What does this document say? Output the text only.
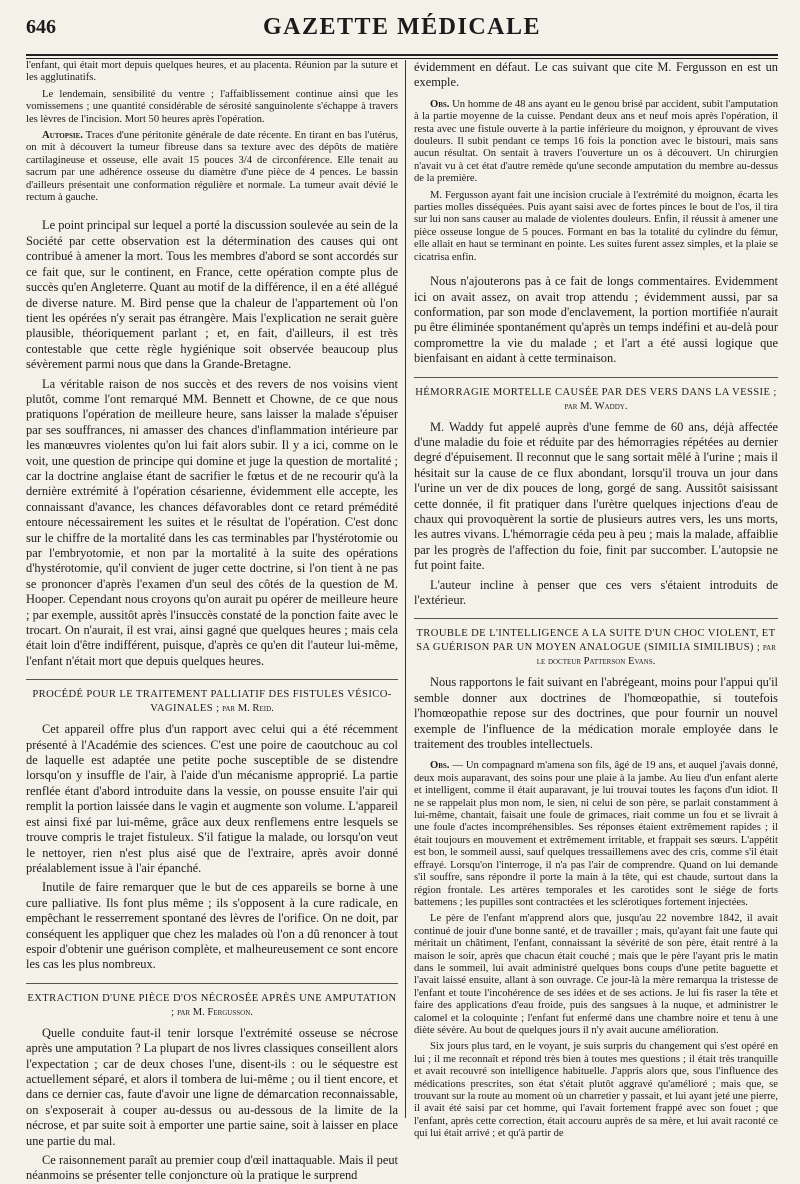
646	GAZETTE MÉDICALE

l'enfant, qui était mort depuis quelques heures, et au placenta. Réunion par la suture et les agglutinatifs.

Le lendemain, sensibilité du ventre ; l'affaiblissement continue ainsi que les vomissemens ; une quantité considérable de sérosité sanguinolente s'échappe à travers les lèvres de l'incision. Mort 50 heures après l'opération.

Autopsie. Traces d'une péritonite générale de date récente. En tirant en bas l'utérus, on mit à découvert la tumeur fibreuse dans sa texture avec des dépôts de matière cartilagineuse et osseuse, elle avait 15 pouces 3/4 de circonférence. Elle tenait au sacrum par une adhérence osseuse du diamètre d'une pièce de 4 pences. Le bassin d'ailleurs présentait une conformation régulière et normale. La tumeur avait dévié le rectum à gauche.

Le point principal sur lequel a porté la discussion soulevée au sein de la Société par cette observation est la détermination des causes qui ont contribué à amener la mort. Tous les membres d'abord se sont accordés sur ce fait que, sur le continent, en France, cette opération compte plus de succès qu'en Angleterre. Quant au motif de la différence, il en a été allégué de diverse nature. M. Bird pense que la chaleur de l'appartement où l'on tient les opérées n'y serait pas étrangère. Mais l'explication ne serait guère plausible, théoriquement parlant ; et, en fait, d'ailleurs, il est très contestable que cette règle hygiénique soit observée beaucoup plus sévèrement parmi nous que dans la Grande-Bretagne.

La véritable raison de nos succès et des revers de nos voisins vient plutôt, comme l'ont remarqué MM. Bennett et Chowne, de ce que nous pratiquons l'opération de meilleure heure, sans laisser la malade s'épuiser par ses souffrances, ni amasser des chances d'inflammation intérieure par les manœuvres violentes qu'on lui fait alors subir. Il y a ici, comme on le voit, une question de principe qui domine et juge la question de mortalité ; car la doctrine anglaise étant de sacrifier le fœtus et de ne recourir qu'à la dernière extrémité à l'opération césarienne, évidemment elle accepte, les connaissant d'avance, les chances défavorables dont ce retard prémédité entoure nécessairement les suites et le résultat de l'opération. C'est donc sur le chiffre de la mortalité dans les cas terminables par l'hystérotomie ou par l'embryotomie, et non par la mortalité à la suite des opérations d'hystérotomie, qu'il convient de juger cette doctrine, si l'on tient à ne pas se prononcer d'après l'examen d'un seul des côtés de la question de M. Hooper. Cependant nous croyons qu'on aurait pu opérer de meilleure heure ; par exemple, aussitôt après l'insuccès constaté de la ponction faite avec le trocart. On n'aurait, il est vrai, ainsi gagné que quelques heures ; mais cela était loin d'être indifférent, puisque, d'après ce qu'en dit l'auteur lui-même, l'enfant n'était mort que depuis quelques heures.

PROCÉDÉ POUR LE TRAITEMENT PALLIATIF DES FISTULES VÉSICO-VAGINALES ; par M. Reid.

Cet appareil offre plus d'un rapport avec celui qui a été récemment présenté à l'Académie des sciences. C'est une poire de caoutchouc au col de laquelle est adaptée une petite poche susceptible de se distendre lorsqu'on y insuffle de l'air, à l'aide d'un mécanisme approprié. La partie renflée étant d'abord introduite dans la vessie, on pousse ensuite l'air qui remplit la portion laissée dans le vagin et augmente son volume. L'appareil est ainsi fixé par lui-même, grâce aux deux renflemens entre lesquels se trouve compris le trajet fistuleux. S'il fatigue la malade, ou lorsqu'on veut le nettoyer, rien n'est plus aisé que de l'extraire, après avoir donné préalablement issue à l'air épanché.

Inutile de faire remarquer que le but de ces appareils se borne à une cure palliative. Ils font plus même ; ils s'opposent à la cure radicale, en empêchant le resserrement spontané des lèvres de l'orifice. On ne doit, par conséquent les appliquer que chez les malades où l'on a dû renoncer à tout espoir d'obtenir une guérison complète, et malheureusement ce sont encore les cas les plus nombreux.

EXTRACTION D'UNE PIÈCE D'OS NÉCROSÉE APRÈS UNE AMPUTATION ; par M. Fergusson.

Quelle conduite faut-il tenir lorsque l'extrémité osseuse se nécrose après une amputation ? La plupart de nos livres classiques conseillent alors l'expectation ; car de deux choses l'une, disent-ils : ou le séquestre est actuellement séparé, et alors il tombera de lui-même ; ou il tient encore, et dans ce dernier cas, faute d'avoir une ligne de démarcation reconnaissable, on s'exposerait à couper au-dessus ou au-dessous de la limite de la nécrose, et par suite soit à emporter une partie saine, soit à laisser en place une partie du mal.

Ce raisonnement paraît au premier coup d'œil inattaquable. Mais il peut néanmoins se présenter telle conjoncture où la pratique le surprend

évidemment en défaut. Le cas suivant que cite M. Fergusson en est un exemple.

Obs. Un homme de 48 ans ayant eu le genou brisé par accident, subit l'amputation à la partie moyenne de la cuisse. Pendant deux ans et neuf mois après l'opération, il resta avec une fistule ouverte à la partie inférieure du moignon, y éprouvant de vives douleurs. Il subit pendant ce temps 16 fois la ponction avec le bistouri, mais sans aucun résultat. On sentait à travers l'ouverture un os à découvert. Un chirurgien n'avait vu à cet état d'autre remède qu'une seconde amputation du membre au-dessus de la première.

M. Fergusson ayant fait une incision cruciale à l'extrémité du moignon, écarta les parties molles disséquées. Puis ayant saisi avec de fortes pinces le bout de l'os, il tira sur lui non sans causer au malade de violentes douleurs. Enfin, il réussit à amener une pièce osseuse longue de 5 pouces. Formant en bas la totalité du cylindre du fémur, elle allait en haut se terminant en pointe. Les suites furent assez simples, et la plaie se cicatrisa enfin.

Nous n'ajouterons pas à ce fait de longs commentaires. Evidemment ici on avait assez, on avait trop attendu ; évidemment aussi, par sa conformation, par son mode d'enclavement, la portion mortifiée n'aurait pu être éliminée spontanément qu'après un temps indéfini et au-delà pour compromettre la vie du malade ; et l'art a été aussi logique que bienfaisant en aidant à cette terminaison.

HÉMORRAGIE MORTELLE CAUSÉE PAR DES VERS DANS LA VESSIE ; par M. Waddy.

M. Waddy fut appelé auprès d'une femme de 60 ans, déjà affectée d'une maladie du foie et réduite par des hémorragies répétées au dernier degré d'épuisement. Il reconnut que le sang sortait mêlé à l'urine ; mais il hésitait sur la cause de ce flux abondant, lorsqu'il trouva un jour dans l'urine un ver de dix pouces de long, gorgé de sang. Aussitôt saisissant cette donnée, il fit pratiquer dans l'urètre quelques injections d'eau de chaux qui provoquèrent la sortie de plusieurs autres vers, les uns morts, les autres vivans. L'hémorragie céda peu à peu ; mais la malade, affaiblie par les progrès de l'affection du foie, finit par succomber. L'autopsie ne fut point faite.

L'auteur incline à penser que ces vers s'étaient introduits de l'extérieur.

TROUBLE DE L'INTELLIGENCE A LA SUITE D'UN CHOC VIOLENT, ET SA GUÉRISON PAR UN MOYEN ANALOGUE (SIMILIA SIMILIBUS) ; par le docteur Patterson Evans.

Nous rapportons le fait suivant en l'abrégeant, moins pour l'appui qu'il semble donner aux doctrines de l'homœopathie, si toutefois l'homœopathie repose sur des doctrines, que pour fournir un nouvel exemple de l'influence de la médication morale employée dans le traitement des troubles intellectuels.

Obs. — Un compagnard m'amena son fils, âgé de 19 ans, et auquel j'avais donné, deux mois auparavant, des soins pour une plaie à la jambe. Au lieu d'un enfant alerte et intelligent, comme il était auparavant, je lui trouvai toutes les façons d'un idiot. Il ne se rappelait plus mon nom, le sien, ni celui de son père, se parlait constamment à lui-même, chantait, faisait une foule de grimaces, riait comme un fou et se livrait à une foule d'actes incompréhensibles. Ses réponses étaient extrêmement rapides ; il était toujours en mouvement et extrêmement irritable, et frappait ses sœurs. L'appétit est bon, le sommeil aussi, sauf quelques tressaillemens avec des cris, comme s'il était effrayé. Lorsqu'on l'interroge, il n'a pas l'air de comprendre. Quand on lui demande s'il souffre, sans répondre il porte la main à la tête, qui est chaude, surtout dans la région frontale. Les artères temporales et les carotides sont le siége de forts battemens ; les pupilles sont contractées et les sclérotiques fortement injectées.

Le père de l'enfant m'apprend alors que, jusqu'au 22 novembre 1842, il avait continué de jouir d'une bonne santé, et de travailler ; mais, qu'ayant fait une faute qui méritait un châtiment, l'enfant, connaissant la sévérité de son père, était rentré à la maison le soir, après que chacun était couché ; mais que le père l'ayant pris le matin dans le sommeil, lui avait administré quelques bons coups d'une petite baguette et l'avait laissé ensuite, allant à son ouvrage. Ce jour-là la mère remarqua la tristesse de l'enfant et toute l'incohérence de ses idées et de ses actions. Je lui fis raser la tête et faire des applications d'eau froide, puis des sangsues à la nuque, et administrer le calomel et la coloquinte ; l'enfant fut enfermé dans une chambre noire et tenu à une diète sévère. Au bout de quelques jours il n'y avait aucune amélioration.

Six jours plus tard, en le voyant, je suis surpris du changement qui s'est opéré en lui ; il me reconnaît et répond très bien à toutes mes questions ; il était très tranquille et avait recouvré son intelligence habituelle. J'appris alors que, sous l'influence des médications prescrites, son état s'était plutôt aggravé qu'amélioré ; mais que, se trouvant sur la route au moment où un charretier y passait, et lui ayant jeté une pierre, il avait été saisi par cet homme, qui l'avait fortement frappé avec son fouet ; que l'enfant, après cette correction, était accouru auprès de sa mère, et lui avait raconté ce qui lui était arrivé ; et qu'à partir de
